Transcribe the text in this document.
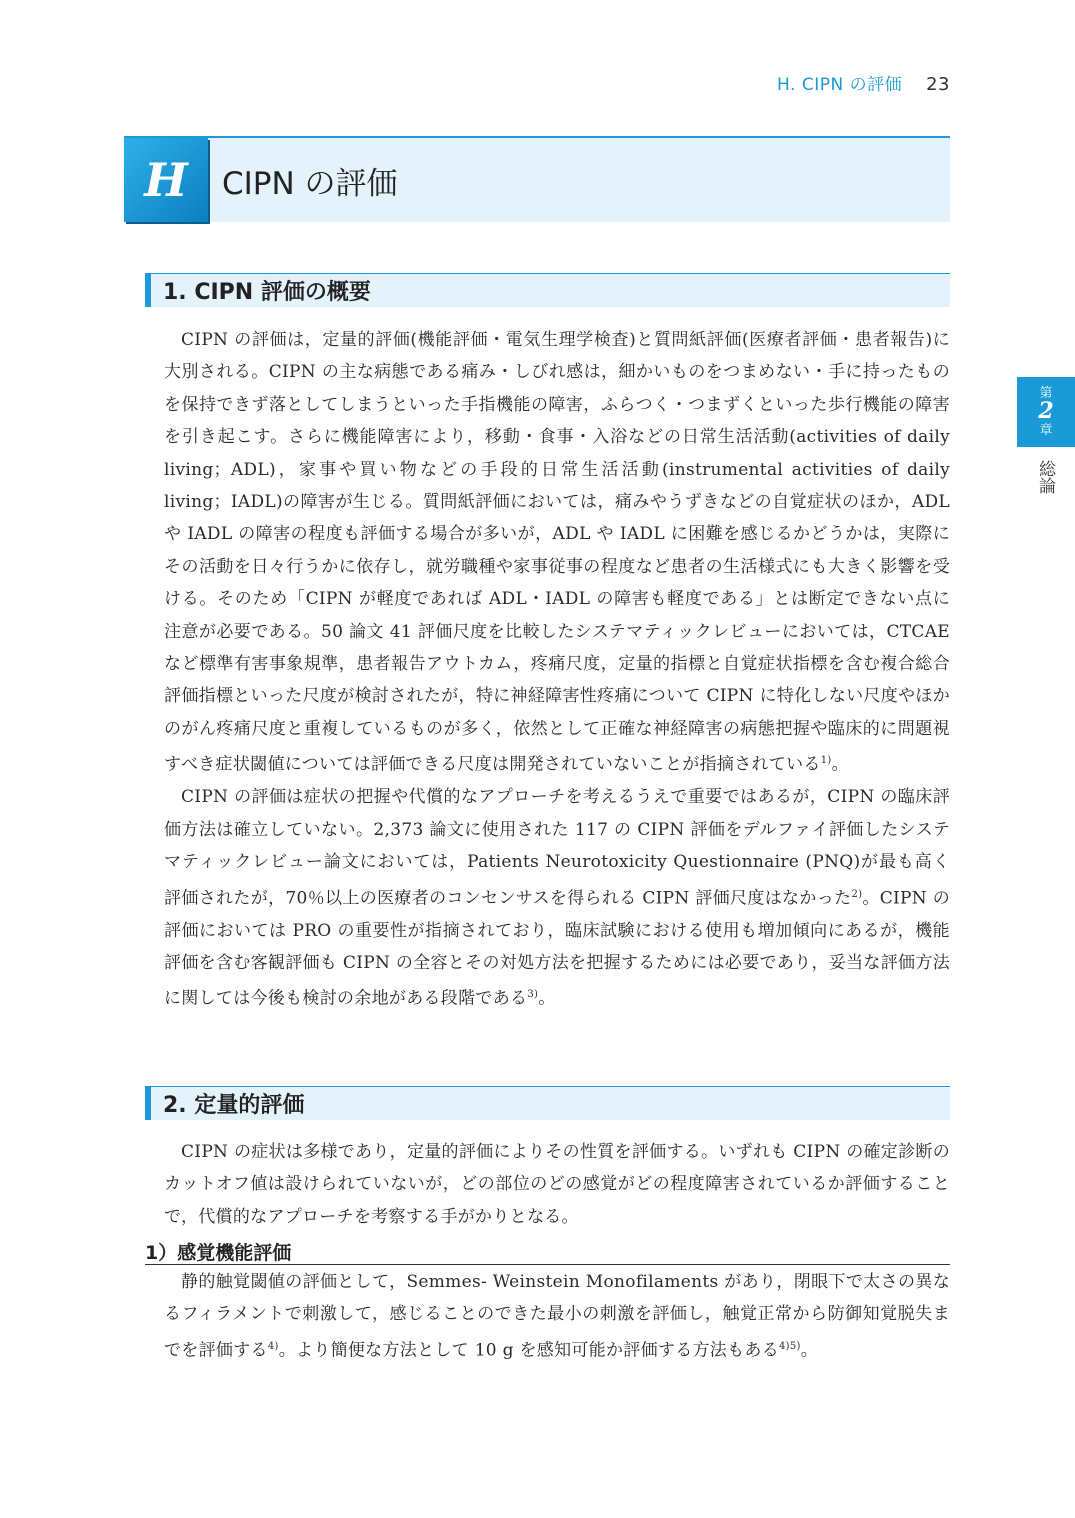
H. CIPN の評価 23
H	CIPN の評価
第
2
章
総論
1. CIPN 評価の概要

CIPN の評価は，定量的評価(機能評価・電気生理学検査)と質問紙評価(医療者評価・患者報告)に大別される。CIPN の主な病態である痛み・しびれ感は，細かいものをつまめない・手に持ったものを保持できず落としてしまうといった手指機能の障害，ふらつく・つまずくといった歩行機能の障害を引き起こす。さらに機能障害により，移動・食事・入浴などの日常生活活動(activities of daily living；ADL)，家事や買い物などの手段的日常生活活動(instrumental activities of daily living；IADL)の障害が生じる。質問紙評価においては，痛みやうずきなどの自覚症状のほか，ADL や IADL の障害の程度も評価する場合が多いが，ADL や IADL に困難を感じるかどうかは，実際にその活動を日々行うかに依存し，就労職種や家事従事の程度など患者の生活様式にも大きく影響を受ける。そのため「CIPN が軽度であれば ADL・IADL の障害も軽度である」とは断定できない点に注意が必要である。50 論文 41 評価尺度を比較したシステマティックレビューにおいては，CTCAE など標準有害事象規準，患者報告アウトカム，疼痛尺度，定量的指標と自覚症状指標を含む複合総合評価指標といった尺度が検討されたが，特に神経障害性疼痛について CIPN に特化しない尺度やほかのがん疼痛尺度と重複しているものが多く，依然として正確な神経障害の病態把握や臨床的に問題視すべき症状閾値については評価できる尺度は開発されていないことが指摘されている$^{1)}$。

CIPN の評価は症状の把握や代償的なアプローチを考えるうえで重要ではあるが，CIPN の臨床評価方法は確立していない。2,373 論文に使用された 117 の CIPN 評価をデルファイ評価したシステマティックレビュー論文においては，Patients Neurotoxicity Questionnaire (PNQ)が最も高く評価されたが，70％以上の医療者のコンセンサスを得られる CIPN 評価尺度はなかった$^{2)}$。CIPN の評価においては PRO の重要性が指摘されており，臨床試験における使用も増加傾向にあるが，機能評価を含む客観評価も CIPN の全容とその対処方法を把握するためには必要であり，妥当な評価方法に関しては今後も検討の余地がある段階である$^{3)}$。

2. 定量的評価

CIPN の症状は多様であり，定量的評価によりその性質を評価する。いずれも CIPN の確定診断のカットオフ値は設けられていないが，どの部位のどの感覚がどの程度障害されているか評価することで，代償的なアプローチを考察する手がかりとなる。

1）感覚機能評価

静的触覚閾値の評価として，Semmes- Weinstein Monofilaments があり，閉眼下で太さの異なるフィラメントで刺激して，感じることのできた最小の刺激を評価し，触覚正常から防御知覚脱失までを評価する$^{4)}$。より簡便な方法として 10 g を感知可能か評価する方法もある$^{4)5)}$。
